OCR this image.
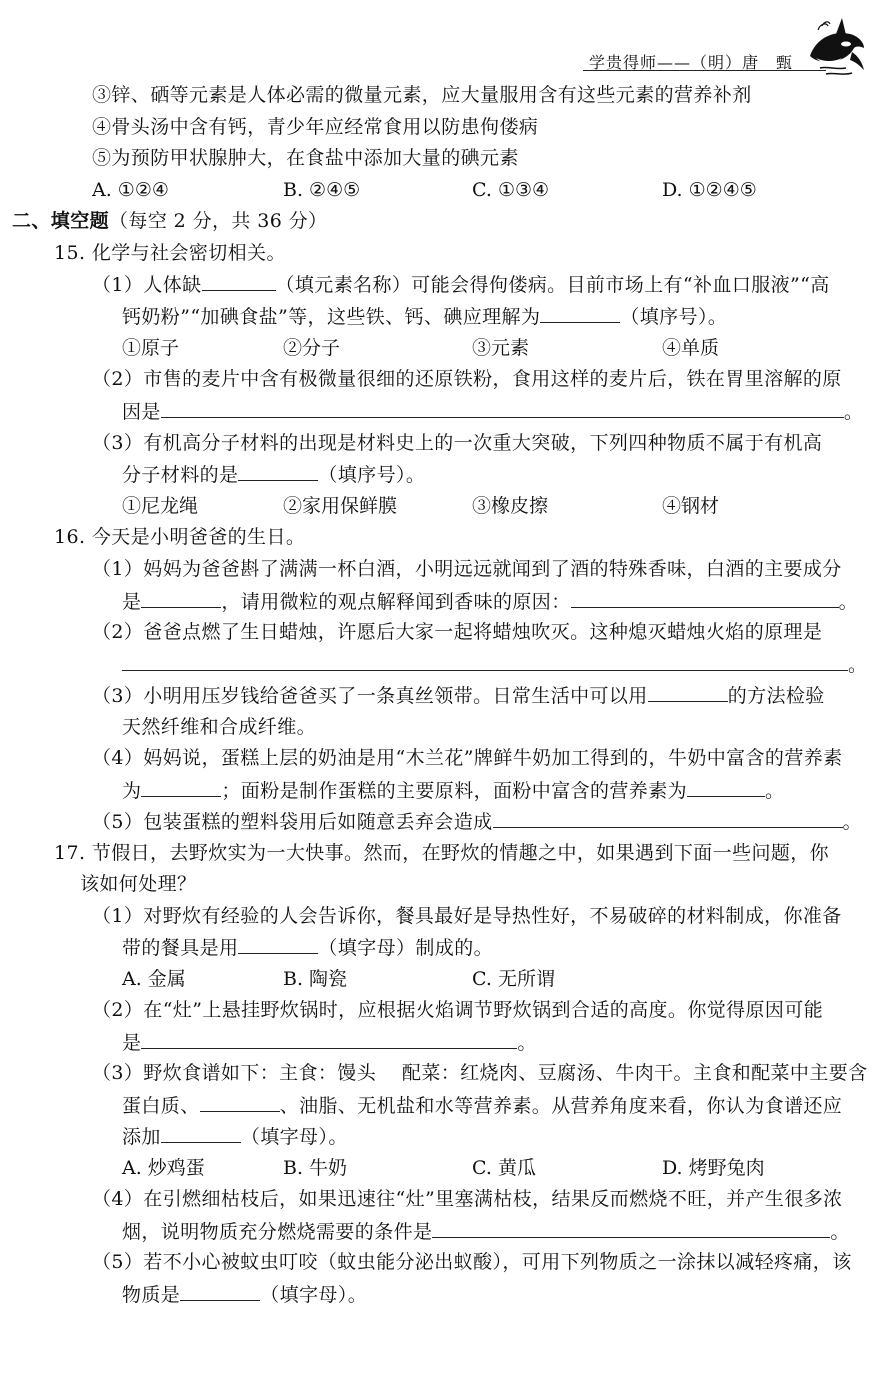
学贵得师——（明）唐　甄
③锌、硒等元素是人体必需的微量元素，应大量服用含有这些元素的营养补剂
④骨头汤中含有钙，青少年应经常食用以防患佝偻病
⑤为预防甲状腺肿大，在食盐中添加大量的碘元素
A. ①②④	B. ②④⑤	C. ①③④	D. ①②④⑤
二、填空题（每空 2 分，共 36 分）
15. 化学与社会密切相关。
（1）人体缺	（填元素名称）可能会得佝偻病。目前市场上有“补血口服液”“高
钙奶粉”“加碘食盐”等，这些铁、钙、碘应理解为	（填序号）。
①原子	②分子	③元素	④单质
（2）市售的麦片中含有极微量很细的还原铁粉，食用这样的麦片后，铁在胃里溶解的原
因是	。
（3）有机高分子材料的出现是材料史上的一次重大突破，下列四种物质不属于有机高
分子材料的是	（填序号）。
①尼龙绳	②家用保鲜膜	③橡皮擦	④钢材
16. 今天是小明爸爸的生日。
（1）妈妈为爸爸斟了满满一杯白酒，小明远远就闻到了酒的特殊香味，白酒的主要成分
是	，请用微粒的观点解释闻到香味的原因：	。
（2）爸爸点燃了生日蜡烛，许愿后大家一起将蜡烛吹灭。这种熄灭蜡烛火焰的原理是
。
（3）小明用压岁钱给爸爸买了一条真丝领带。日常生活中可以用	的方法检验
天然纤维和合成纤维。
（4）妈妈说，蛋糕上层的奶油是用“木兰花”牌鲜牛奶加工得到的，牛奶中富含的营养素
为	；面粉是制作蛋糕的主要原料，面粉中富含的营养素为	。
（5）包装蛋糕的塑料袋用后如随意丢弃会造成	。
17. 节假日，去野炊实为一大快事。然而，在野炊的情趣之中，如果遇到下面一些问题，你
该如何处理？
（1）对野炊有经验的人会告诉你，餐具最好是导热性好，不易破碎的材料制成，你准备
带的餐具是用	（填字母）制成的。
A. 金属	B. 陶瓷	C. 无所谓
（2）在“灶”上悬挂野炊锅时，应根据火焰调节野炊锅到合适的高度。你觉得原因可能
是	。
（3）野炊食谱如下：主食：馒头　 配菜：红烧肉、豆腐汤、牛肉干。主食和配菜中主要含
蛋白质、	、油脂、无机盐和水等营养素。从营养角度来看，你认为食谱还应
添加	（填字母）。
A. 炒鸡蛋	B. 牛奶	C. 黄瓜	D. 烤野兔肉
（4）在引燃细枯枝后，如果迅速往“灶”里塞满枯枝，结果反而燃烧不旺，并产生很多浓
烟，说明物质充分燃烧需要的条件是	。
（5）若不小心被蚊虫叮咬（蚊虫能分泌出蚁酸），可用下列物质之一涂抹以减轻疼痛，该
物质是	（填字母）。
